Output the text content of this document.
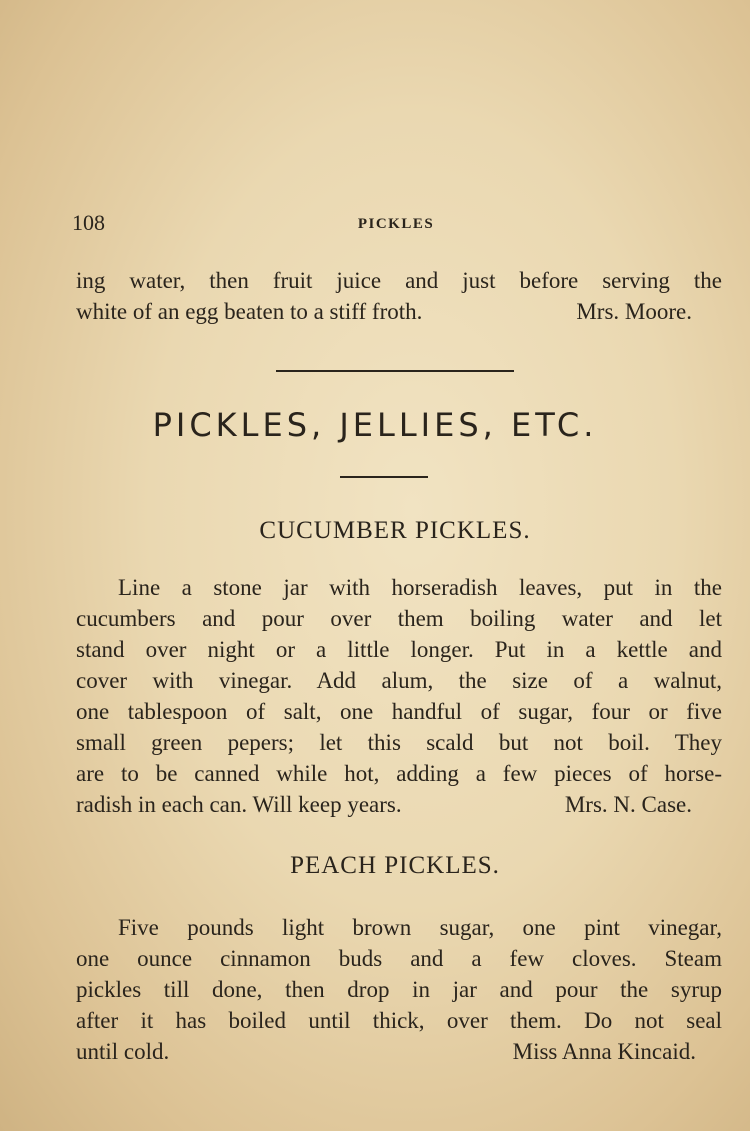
108	PICKLES
ing water, then fruit juice and just before serving the
white of an egg beaten to a stiff froth.	Mrs. Moore.
PICKLES, JELLIES, ETC.
CUCUMBER PICKLES.
Line a stone jar with horseradish leaves, put in the
cucumbers and pour over them boiling water and let
stand over night or a little longer. Put in a kettle and
cover with vinegar. Add alum, the size of a walnut,
one tablespoon of salt, one handful of sugar, four or five
small green pepers; let this scald but not boil. They
are to be canned while hot, adding a few pieces of horse-
radish in each can. Will keep years.	Mrs. N. Case.
PEACH PICKLES.
Five pounds light brown sugar, one pint vinegar,
one ounce cinnamon buds and a few cloves. Steam
pickles till done, then drop in jar and pour the syrup
after it has boiled until thick, over them. Do not seal
until cold.	Miss Anna Kincaid.
